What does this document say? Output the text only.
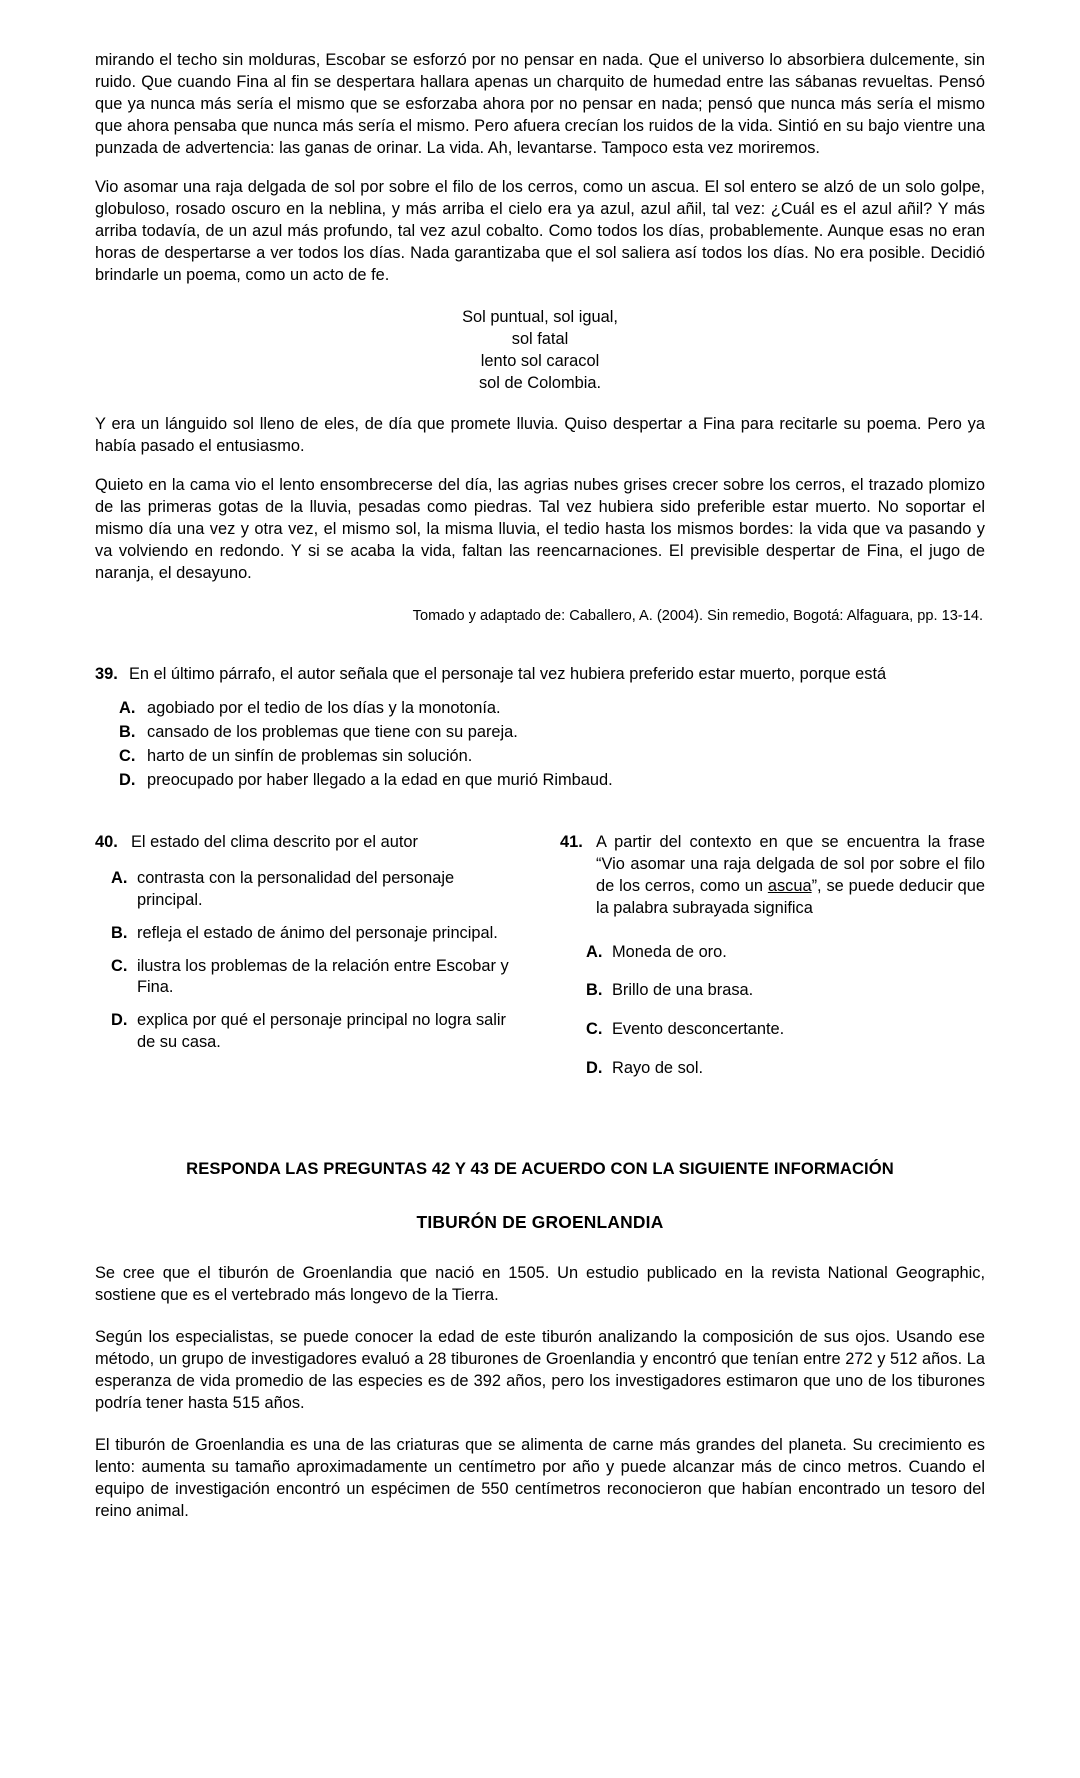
mirando el techo sin molduras, Escobar se esforzó por no pensar en nada. Que el universo lo absorbiera dulcemente, sin ruido. Que cuando Fina al fin se despertara hallara apenas un charquito de humedad entre las sábanas revueltas. Pensó que ya nunca más sería el mismo que se esforzaba ahora por no pensar en nada; pensó que nunca más sería el mismo que ahora pensaba que nunca más sería el mismo. Pero afuera crecían los ruidos de la vida. Sintió en su bajo vientre una punzada de advertencia: las ganas de orinar. La vida. Ah, levantarse. Tampoco esta vez moriremos.

Vio asomar una raja delgada de sol por sobre el filo de los cerros, como un ascua. El sol entero se alzó de un solo golpe, globuloso, rosado oscuro en la neblina, y más arriba el cielo era ya azul, azul añil, tal vez: ¿Cuál es el azul añil? Y más arriba todavía, de un azul más profundo, tal vez azul cobalto. Como todos los días, probablemente. Aunque esas no eran horas de despertarse a ver todos los días. Nada garantizaba que el sol saliera así todos los días. No era posible. Decidió brindarle un poema, como un acto de fe.

Sol puntual, sol igual,
sol fatal
lento sol caracol
sol de Colombia.

Y era un lánguido sol lleno de eles, de día que promete lluvia. Quiso despertar a Fina para recitarle su poema. Pero ya había pasado el entusiasmo.

Quieto en la cama vio el lento ensombrecerse del día, las agrias nubes grises crecer sobre los cerros, el trazado plomizo de las primeras gotas de la lluvia, pesadas como piedras. Tal vez hubiera sido preferible estar muerto. No soportar el mismo día una vez y otra vez, el mismo sol, la misma lluvia, el tedio hasta los mismos bordes: la vida que va pasando y va volviendo en redondo. Y si se acaba la vida, faltan las reencarnaciones. El previsible despertar de Fina, el jugo de naranja, el desayuno.

Tomado y adaptado de: Caballero, A. (2004). Sin remedio, Bogotá: Alfaguara, pp. 13-14.

39. En el último párrafo, el autor señala que el personaje tal vez hubiera preferido estar muerto, porque está
A. agobiado por el tedio de los días y la monotonía.
B. cansado de los problemas que tiene con su pareja.
C. harto de un sinfín de problemas sin solución.
D. preocupado por haber llegado a la edad en que murió Rimbaud.
40. El estado del clima descrito por el autor
A. contrasta con la personalidad del personaje principal.
B. refleja el estado de ánimo del personaje principal.
C. ilustra los problemas de la relación entre Escobar y Fina.
D. explica por qué el personaje principal no logra salir de su casa.
41. A partir del contexto en que se encuentra la frase “Vio asomar una raja delgada de sol por sobre el filo de los cerros, como un ascua”, se puede deducir que la palabra subrayada significa
A. Moneda de oro.
B. Brillo de una brasa.
C. Evento desconcertante.
D. Rayo de sol.
RESPONDA LAS PREGUNTAS 42 Y 43 DE ACUERDO CON LA SIGUIENTE INFORMACIÓN
TIBURÓN DE GROENLANDIA

Se cree que el tiburón de Groenlandia que nació en 1505. Un estudio publicado en la revista National Geographic, sostiene que es el vertebrado más longevo de la Tierra.

Según los especialistas, se puede conocer la edad de este tiburón analizando la composición de sus ojos. Usando ese método, un grupo de investigadores evaluó a 28 tiburones de Groenlandia y encontró que tenían entre 272 y 512 años. La esperanza de vida promedio de las especies es de 392 años, pero los investigadores estimaron que uno de los tiburones podría tener hasta 515 años.

El tiburón de Groenlandia es una de las criaturas que se alimenta de carne más grandes del planeta. Su crecimiento es lento: aumenta su tamaño aproximadamente un centímetro por año y puede alcanzar más de cinco metros. Cuando el equipo de investigación encontró un espécimen de 550 centímetros reconocieron que habían encontrado un tesoro del reino animal.
